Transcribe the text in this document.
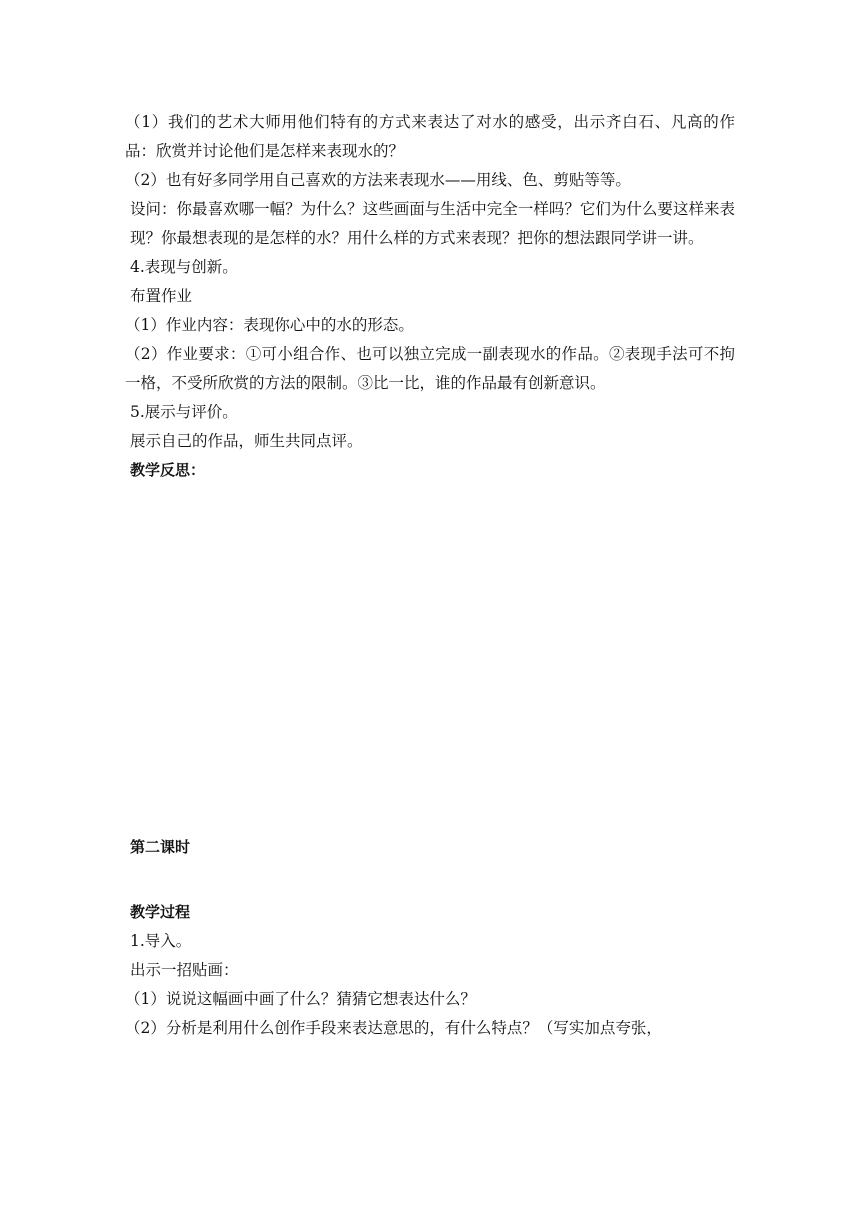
（1）我们的艺术大师用他们特有的方式来表达了对水的感受，出示齐白石、凡高的作品：欣赏并讨论他们是怎样来表现水的？
（2）也有好多同学用自己喜欢的方法来表现水——用线、色、剪贴等等。
设问：你最喜欢哪一幅？为什么？这些画面与生活中完全一样吗？它们为什么要这样来表现？你最想表现的是怎样的水？用什么样的方式来表现？把你的想法跟同学讲一讲。
4.表现与创新。
布置作业
（1）作业内容：表现你心中的水的形态。
（2）作业要求：①可小组合作、也可以独立完成一副表现水的作品。②表现手法可不拘一格，不受所欣赏的方法的限制。③比一比，谁的作品最有创新意识。
5.展示与评价。
展示自己的作品，师生共同点评。
教学反思：
第二课时
教学过程
1.导入。
出示一招贴画：
（1）说说这幅画中画了什么？猜猜它想表达什么？
（2）分析是利用什么创作手段来表达意思的，有什么特点？（写实加点夸张，
